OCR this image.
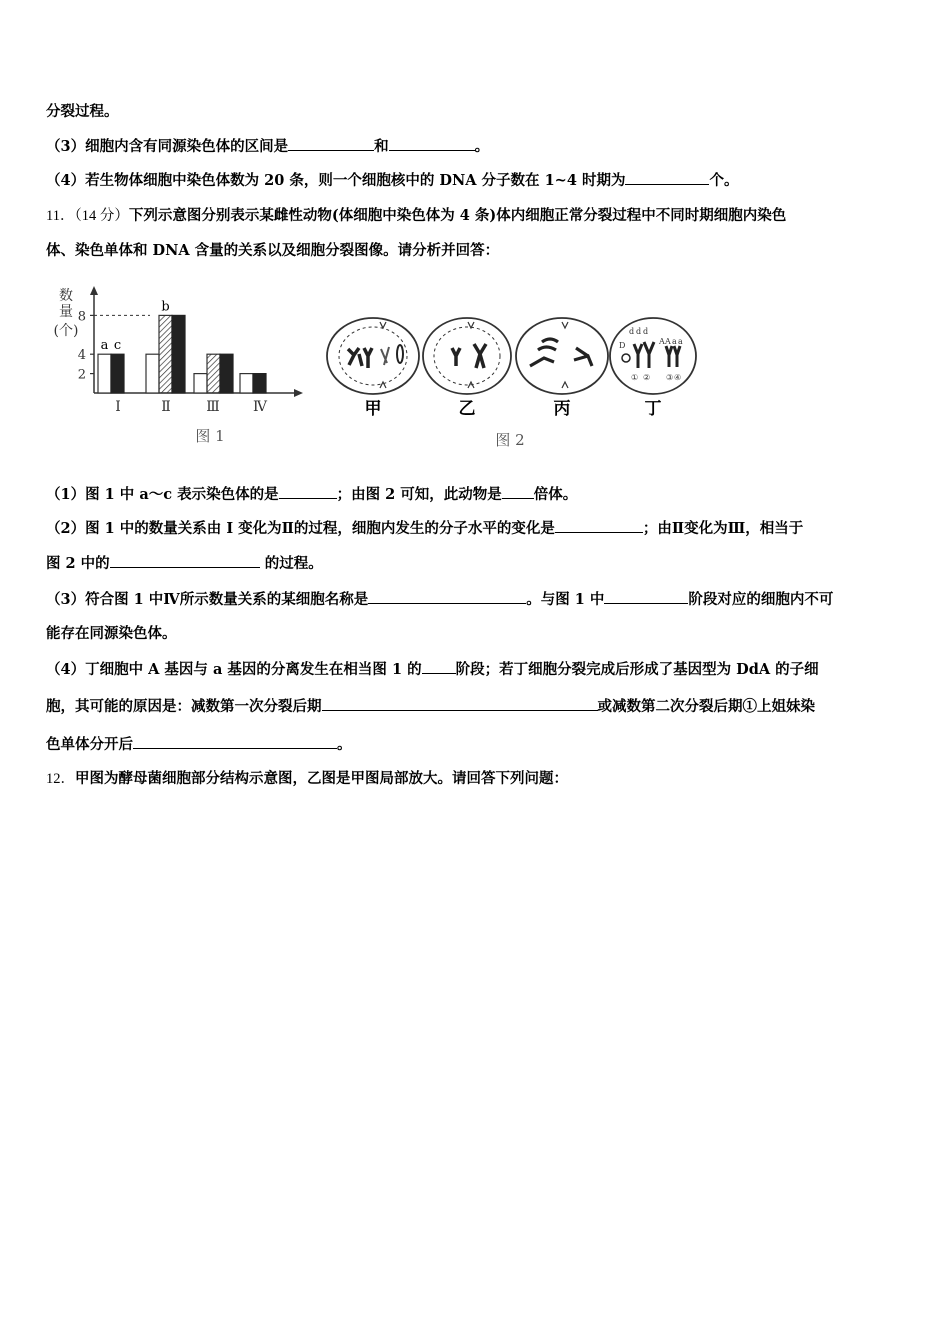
分裂过程。
（3）细胞内含有同源染色体的区间是	和	。
（4）若生物体细胞中染色体数为 20 条，则一个细胞核中的 DNA 分子数在 1~4 时期为	个。
11．（14 分）下列示意图分别表示某雌性动物(体细胞中染色体为 4 条)体内细胞正常分裂过程中不同时期细胞内染色
体、染色单体和 DNA 含量的关系以及细胞分裂图像。请分析并回答：
数
量
(个)
2
4
8
a c
b
I	Ⅱ	Ⅲ Ⅳ
图 1
甲	乙	丙
d d d
D	A A a a
① ② ③ ④
丁
图 2
（1）图 1 中 a～c 表示染色体的是	；由图 2 可知，此动物是 倍体。
（2）图 1 中的数量关系由 I 变化为Ⅱ的过程，细胞内发生的分子水平的变化是	；由Ⅱ变化为Ⅲ，相当于
图 2 中的	的过程。
（3）符合图 1 中Ⅳ所示数量关系的某细胞名称是	。与图 1 中	阶段对应的细胞内不可
能存在同源染色体。
（4）丁细胞中 A 基因与 a 基因的分离发生在相当图 1 的 阶段；若丁细胞分裂完成后形成了基因型为 DdA 的子细
胞，其可能的原因是：减数第一次分裂后期	或减数第二次分裂后期①上姐妹染
色单体分开后	。
12．甲图为酵母菌细胞部分结构示意图，乙图是甲图局部放大。请回答下列问题：
